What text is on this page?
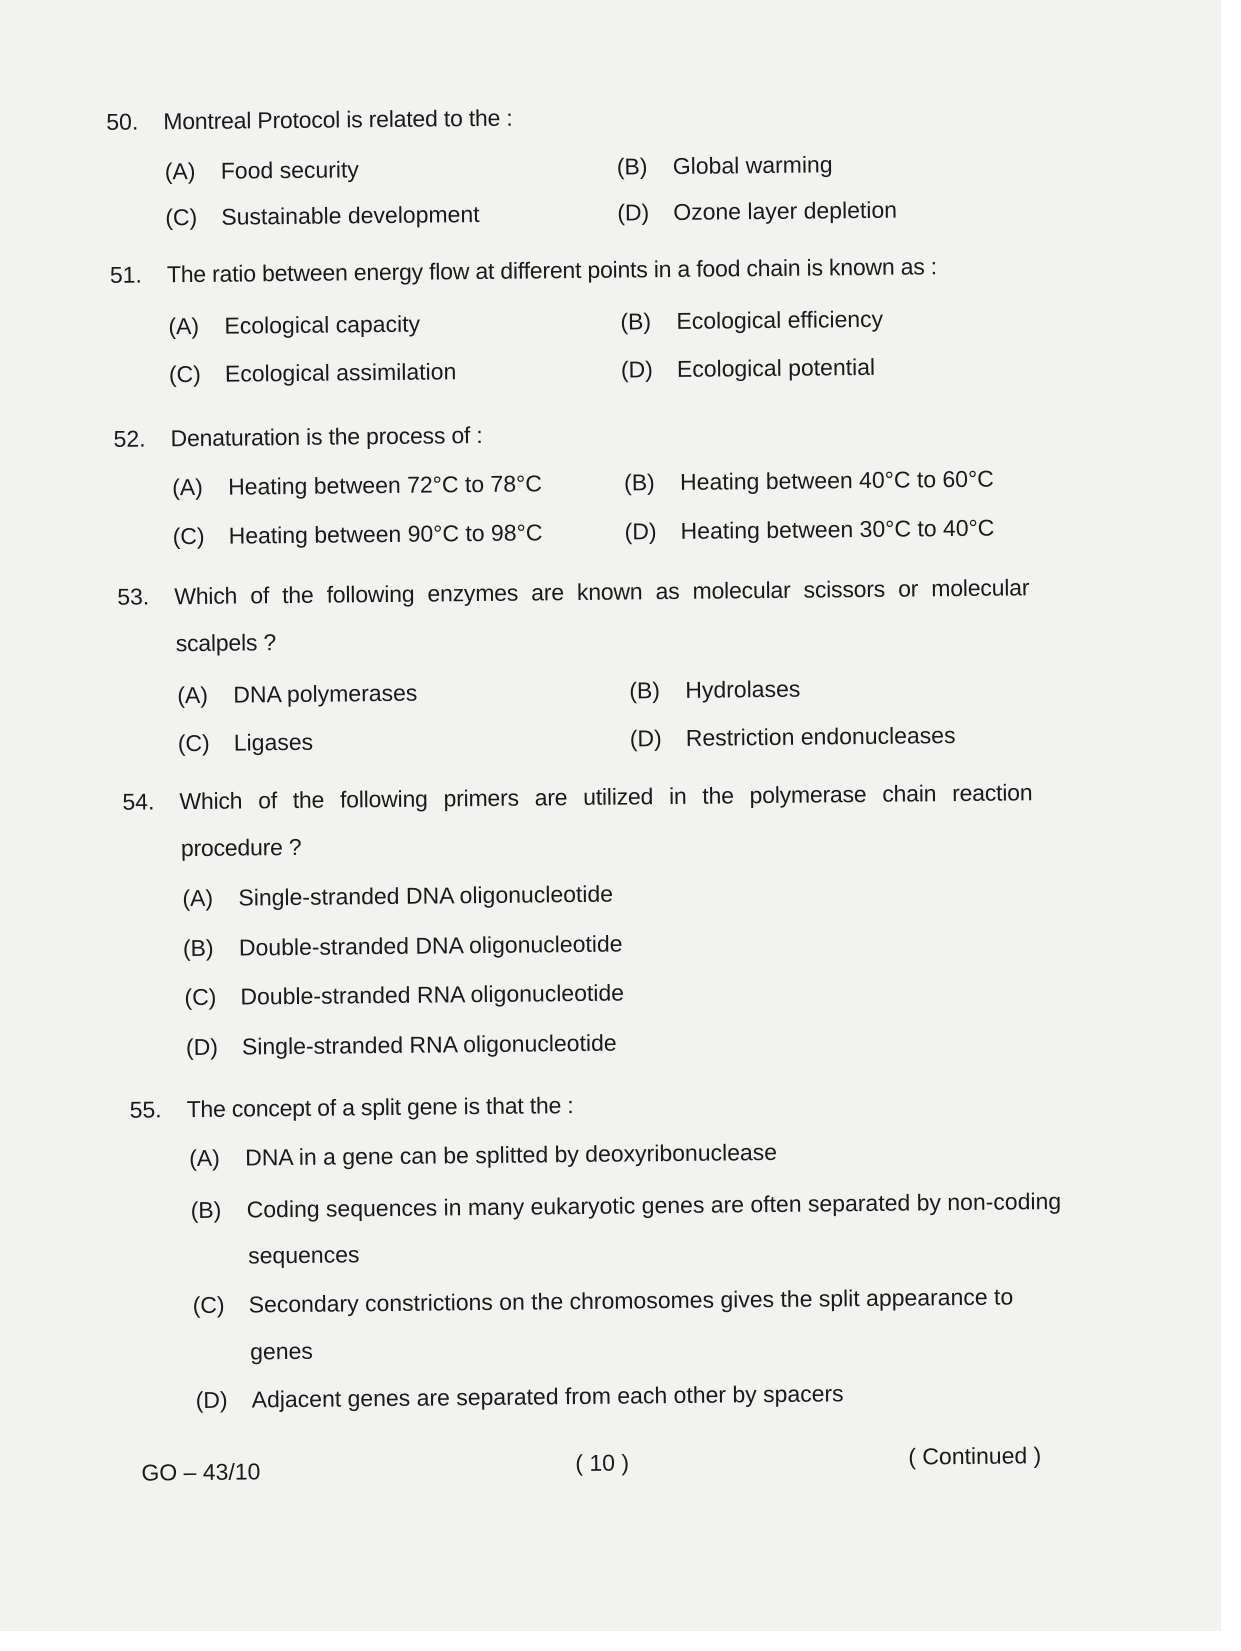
50. Montreal Protocol is related to the :
(A) Food security	(B) Global warming
(C) Sustainable development	(D) Ozone layer depletion
51. The ratio between energy flow at different points in a food chain is known as :
(A) Ecological capacity	(B) Ecological efficiency
(C) Ecological assimilation	(D) Ecological potential
52. Denaturation is the process of :
(A) Heating between 72°C to 78°C	(B) Heating between 40°C to 60°C
(C) Heating between 90°C to 98°C	(D) Heating between 30°C to 40°C
53. Which of the following enzymes are known as molecular scissors or molecular
scalpels ?
(A) DNA polymerases	(B) Hydrolases
(C) Ligases	(D) Restriction endonucleases
54. Which of the following primers are utilized in the polymerase chain reaction
procedure ?
(A) Single-stranded DNA oligonucleotide
(B) Double-stranded DNA oligonucleotide
(C) Double-stranded RNA oligonucleotide
(D) Single-stranded RNA oligonucleotide
55. The concept of a split gene is that the :
(A) DNA in a gene can be splitted by deoxyribonuclease
(B) Coding sequences in many eukaryotic genes are often separated by non-coding
sequences
(C) Secondary constrictions on the chromosomes gives the split appearance to
genes
(D) Adjacent genes are separated from each other by spacers
GO – 43/10	( 10 )	( Continued )
